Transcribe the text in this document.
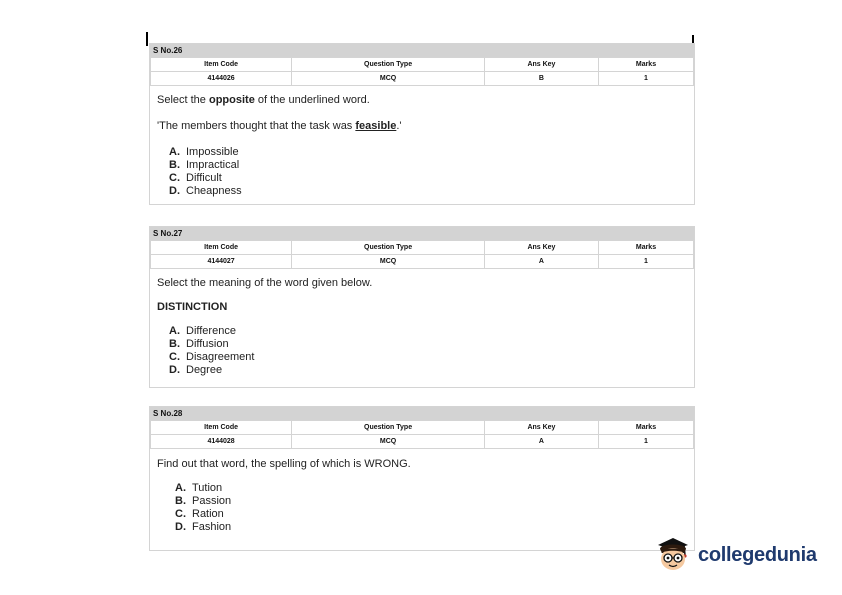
S No.26
Item Code	Question Type	Ans Key	Marks
4144026	MCQ	B	1
Select the opposite of the underlined word.
'The members thought that the task was feasible.'
A. Impossible
B. Impractical
C. Difficult
D. Cheapness
S No.27
Item Code	Question Type	Ans Key	Marks
4144027	MCQ	A	1
Select the meaning of the word given below.
DISTINCTION
A. Difference
B. Diffusion
C. Disagreement
D. Degree
S No.28
Item Code	Question Type	Ans Key	Marks
4144028	MCQ	A	1
Find out that word, the spelling of which is WRONG.
A. Tution
B. Passion
C. Ration
D. Fashion
collegedunia
